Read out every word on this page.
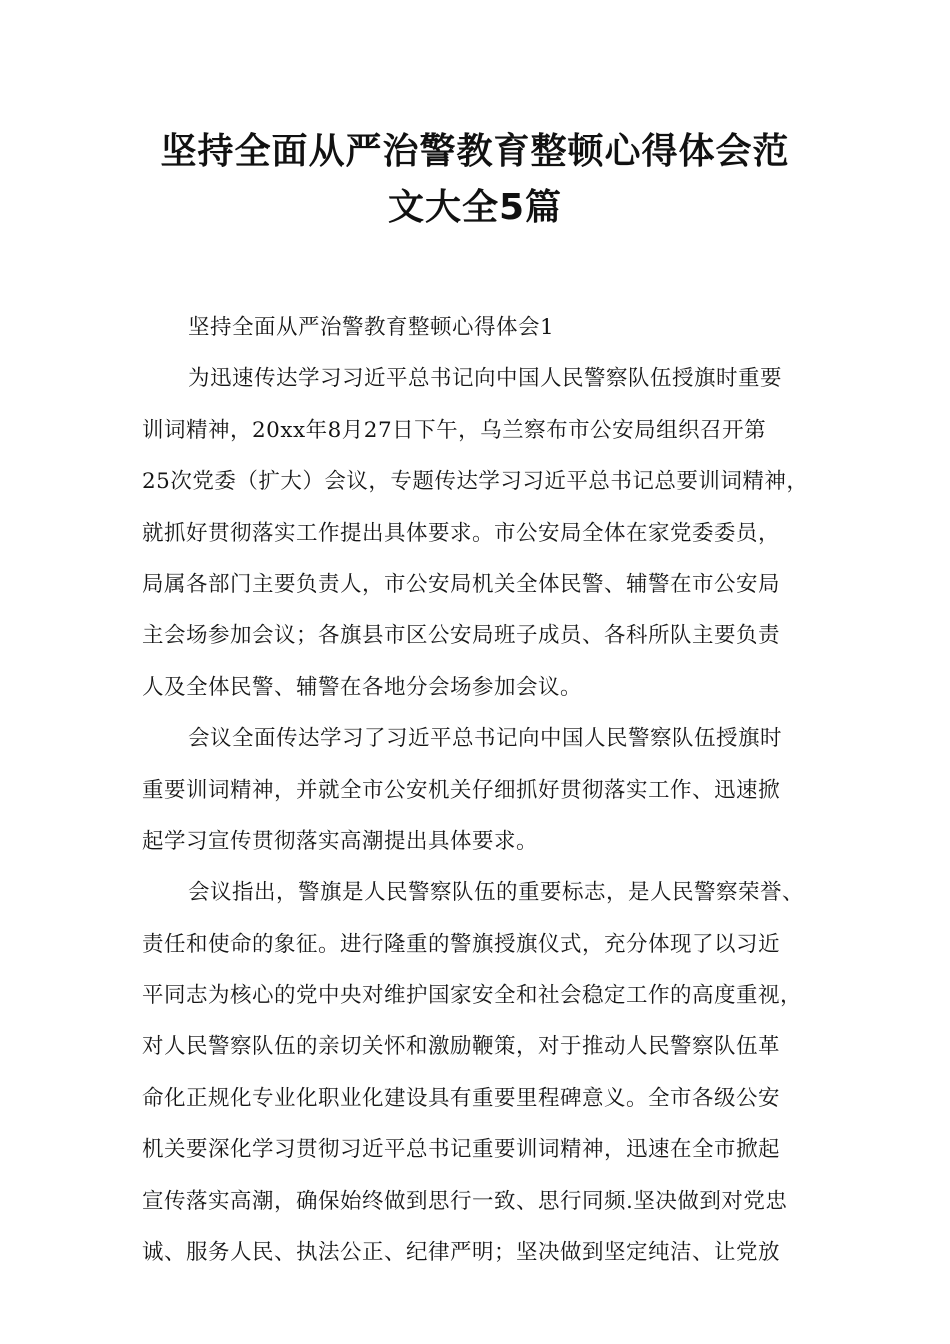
坚持全面从严治警教育整顿心得体会范
文大全5篇
坚持全面从严治警教育整顿心得体会1
为迅速传达学习习近平总书记向中国人民警察队伍授旗时重要
训词精神，20xx年8月27日下午，乌兰察布市公安局组织召开第
25次党委（扩大）会议，专题传达学习习近平总书记总要训词精神，
就抓好贯彻落实工作提出具体要求。市公安局全体在家党委委员，
局属各部门主要负责人，市公安局机关全体民警、辅警在市公安局
主会场参加会议；各旗县市区公安局班子成员、各科所队主要负责
人及全体民警、辅警在各地分会场参加会议。
会议全面传达学习了习近平总书记向中国人民警察队伍授旗时
重要训词精神，并就全市公安机关仔细抓好贯彻落实工作、迅速掀
起学习宣传贯彻落实高潮提出具体要求。
会议指出，警旗是人民警察队伍的重要标志，是人民警察荣誉、
责任和使命的象征。进行隆重的警旗授旗仪式，充分体现了以习近
平同志为核心的党中央对维护国家安全和社会稳定工作的高度重视，
对人民警察队伍的亲切关怀和激励鞭策，对于推动人民警察队伍革
命化正规化专业化职业化建设具有重要里程碑意义。全市各级公安
机关要深化学习贯彻习近平总书记重要训词精神，迅速在全市掀起
宣传落实高潮，确保始终做到思行一致、思行同频.坚决做到对党忠
诚、服务人民、执法公正、纪律严明；坚决做到坚定纯洁、让党放
